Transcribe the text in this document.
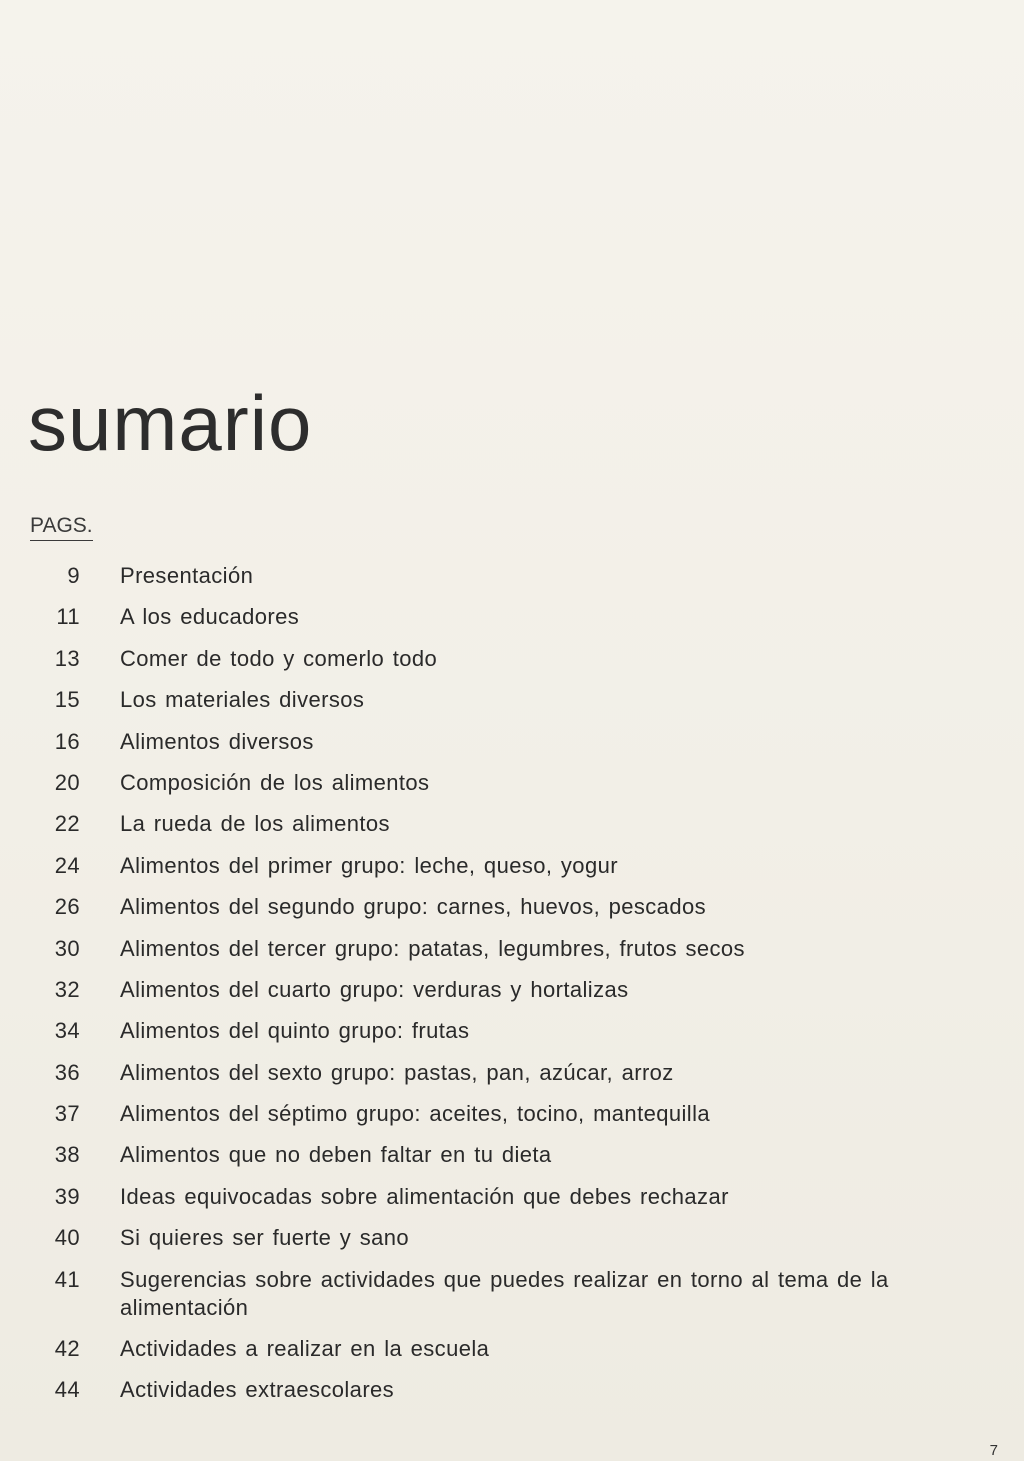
sumario
PAGS.
9 Presentación
11 A los educadores
13 Comer de todo y comerlo todo
15 Los materiales diversos
16 Alimentos diversos
20 Composición de los alimentos
22 La rueda de los alimentos
24 Alimentos del primer grupo: leche, queso, yogur
26 Alimentos del segundo grupo: carnes, huevos, pescados
30 Alimentos del tercer grupo: patatas, legumbres, frutos secos
32 Alimentos del cuarto grupo: verduras y hortalizas
34 Alimentos del quinto grupo: frutas
36 Alimentos del sexto grupo: pastas, pan, azúcar, arroz
37 Alimentos del séptimo grupo: aceites, tocino, mantequilla
38 Alimentos que no deben faltar en tu dieta
39 Ideas equivocadas sobre alimentación que debes rechazar
40 Si quieres ser fuerte y sano
41 Sugerencias sobre actividades que puedes realizar en torno al tema de la alimentación
42 Actividades a realizar en la escuela
44 Actividades extraescolares
7
